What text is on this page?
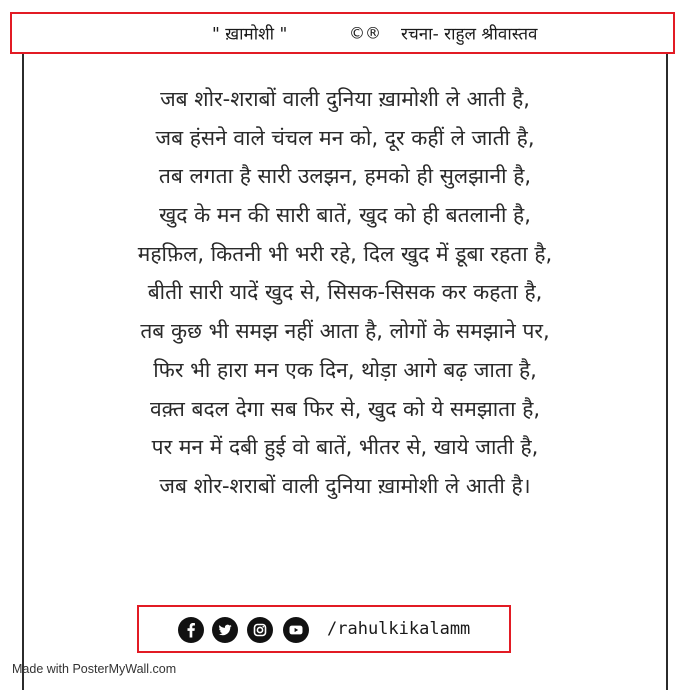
" ख़ामोशी "	©® रचना- राहुल श्रीवास्तव
जब शोर-शराबों वाली दुनिया ख़ामोशी ले आती है,
जब हंसने वाले चंचल मन को, दूर कहीं ले जाती है,
तब लगता है सारी उलझन, हमको ही सुलझानी है,
खुद के मन की सारी बातें, खुद को ही बतलानी है,
महफ़िल, कितनी भी भरी रहे, दिल खुद में डूबा रहता है,
बीती सारी यादें खुद से, सिसक-सिसक कर कहता है,
तब कुछ भी समझ नहीं आता है, लोगों के समझाने पर,
फिर भी हारा मन एक दिन, थोड़ा आगे बढ़ जाता है,
वक़्त बदल देगा सब फिर से, खुद को ये समझाता है,
पर मन में दबी हुई वो बातें, भीतर से, खाये जाती है,
जब शोर-शराबों वाली दुनिया ख़ामोशी ले आती है।
/rahulkikalamm
Made with PosterMyWall.com
